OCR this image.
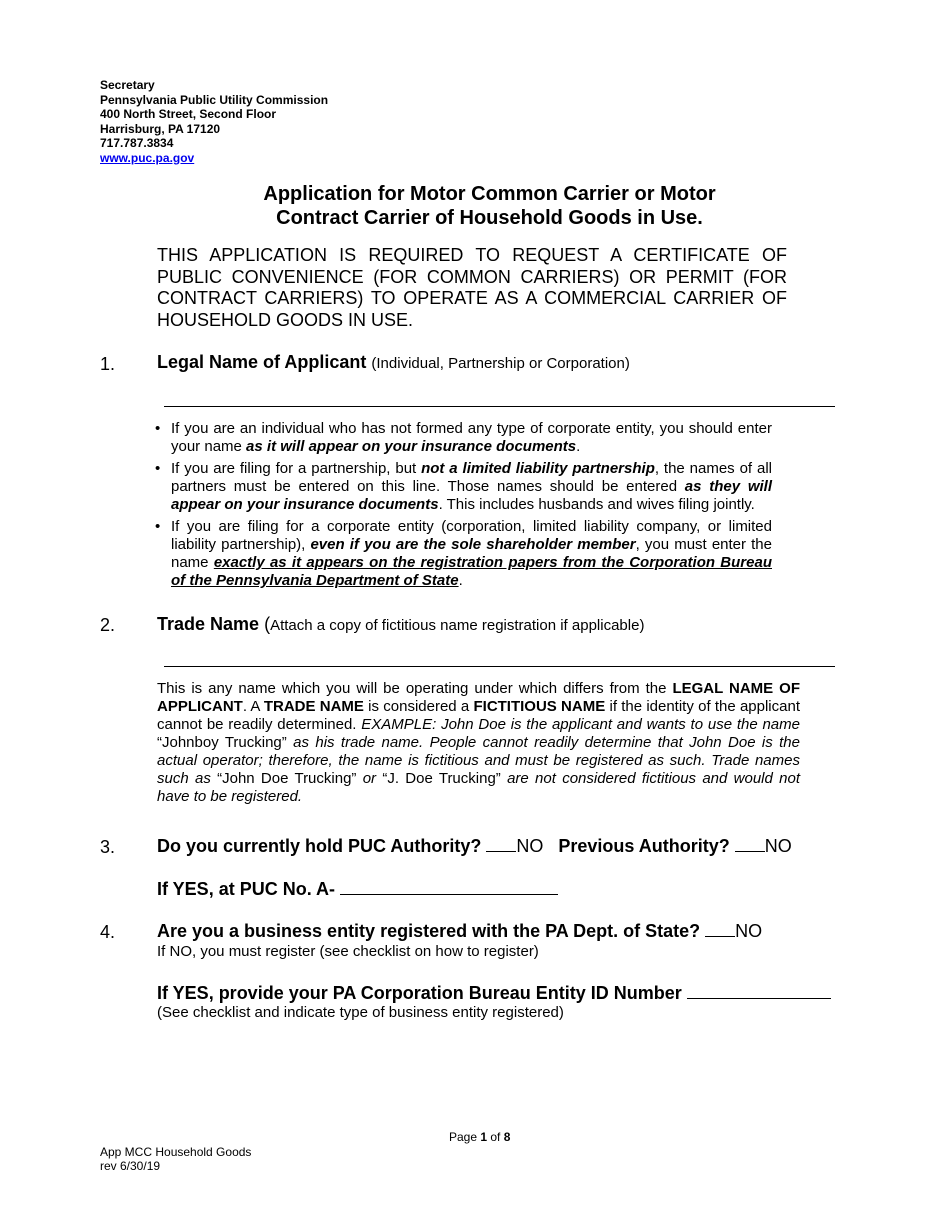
Secretary
Pennsylvania Public Utility Commission
400 North Street, Second Floor
Harrisburg, PA 17120
717.787.3834
www.puc.pa.gov
Application for Motor Common Carrier or Motor
Contract Carrier of Household Goods in Use.
THIS APPLICATION IS REQUIRED TO REQUEST A CERTIFICATE OF PUBLIC CONVENIENCE (FOR COMMON CARRIERS) OR PERMIT (FOR CONTRACT CARRIERS) TO OPERATE AS A COMMERCIAL CARRIER OF HOUSEHOLD GOODS IN USE.
1. Legal Name of Applicant (Individual, Partnership or Corporation)
• If you are an individual who has not formed any type of corporate entity, you should enter your name as it will appear on your insurance documents.
• If you are filing for a partnership, but not a limited liability partnership, the names of all partners must be entered on this line. Those names should be entered as they will appear on your insurance documents. This includes husbands and wives filing jointly.
• If you are filing for a corporate entity (corporation, limited liability company, or limited liability partnership), even if you are the sole shareholder member, you must enter the name exactly as it appears on the registration papers from the Corporation Bureau of the Pennsylvania Department of State.
2. Trade Name (Attach a copy of fictitious name registration if applicable)
This is any name which you will be operating under which differs from the LEGAL NAME OF APPLICANT. A TRADE NAME is considered a FICTITIOUS NAME if the identity of the applicant cannot be readily determined. EXAMPLE: John Doe is the applicant and wants to use the name “Johnboy Trucking” as his trade name. People cannot readily determine that John Doe is the actual operator; therefore, the name is fictitious and must be registered as such. Trade names such as “John Doe Trucking” or “J. Doe Trucking” are not considered fictitious and would not have to be registered.
3. Do you currently hold PUC Authority? NO Previous Authority? NO
If YES, at PUC No. A-
4. Are you a business entity registered with the PA Dept. of State? NO
If NO, you must register (see checklist on how to register)
If YES, provide your PA Corporation Bureau Entity ID Number
(See checklist and indicate type of business entity registered)
Page 1 of 8
App MCC Household Goods
rev 6/30/19
